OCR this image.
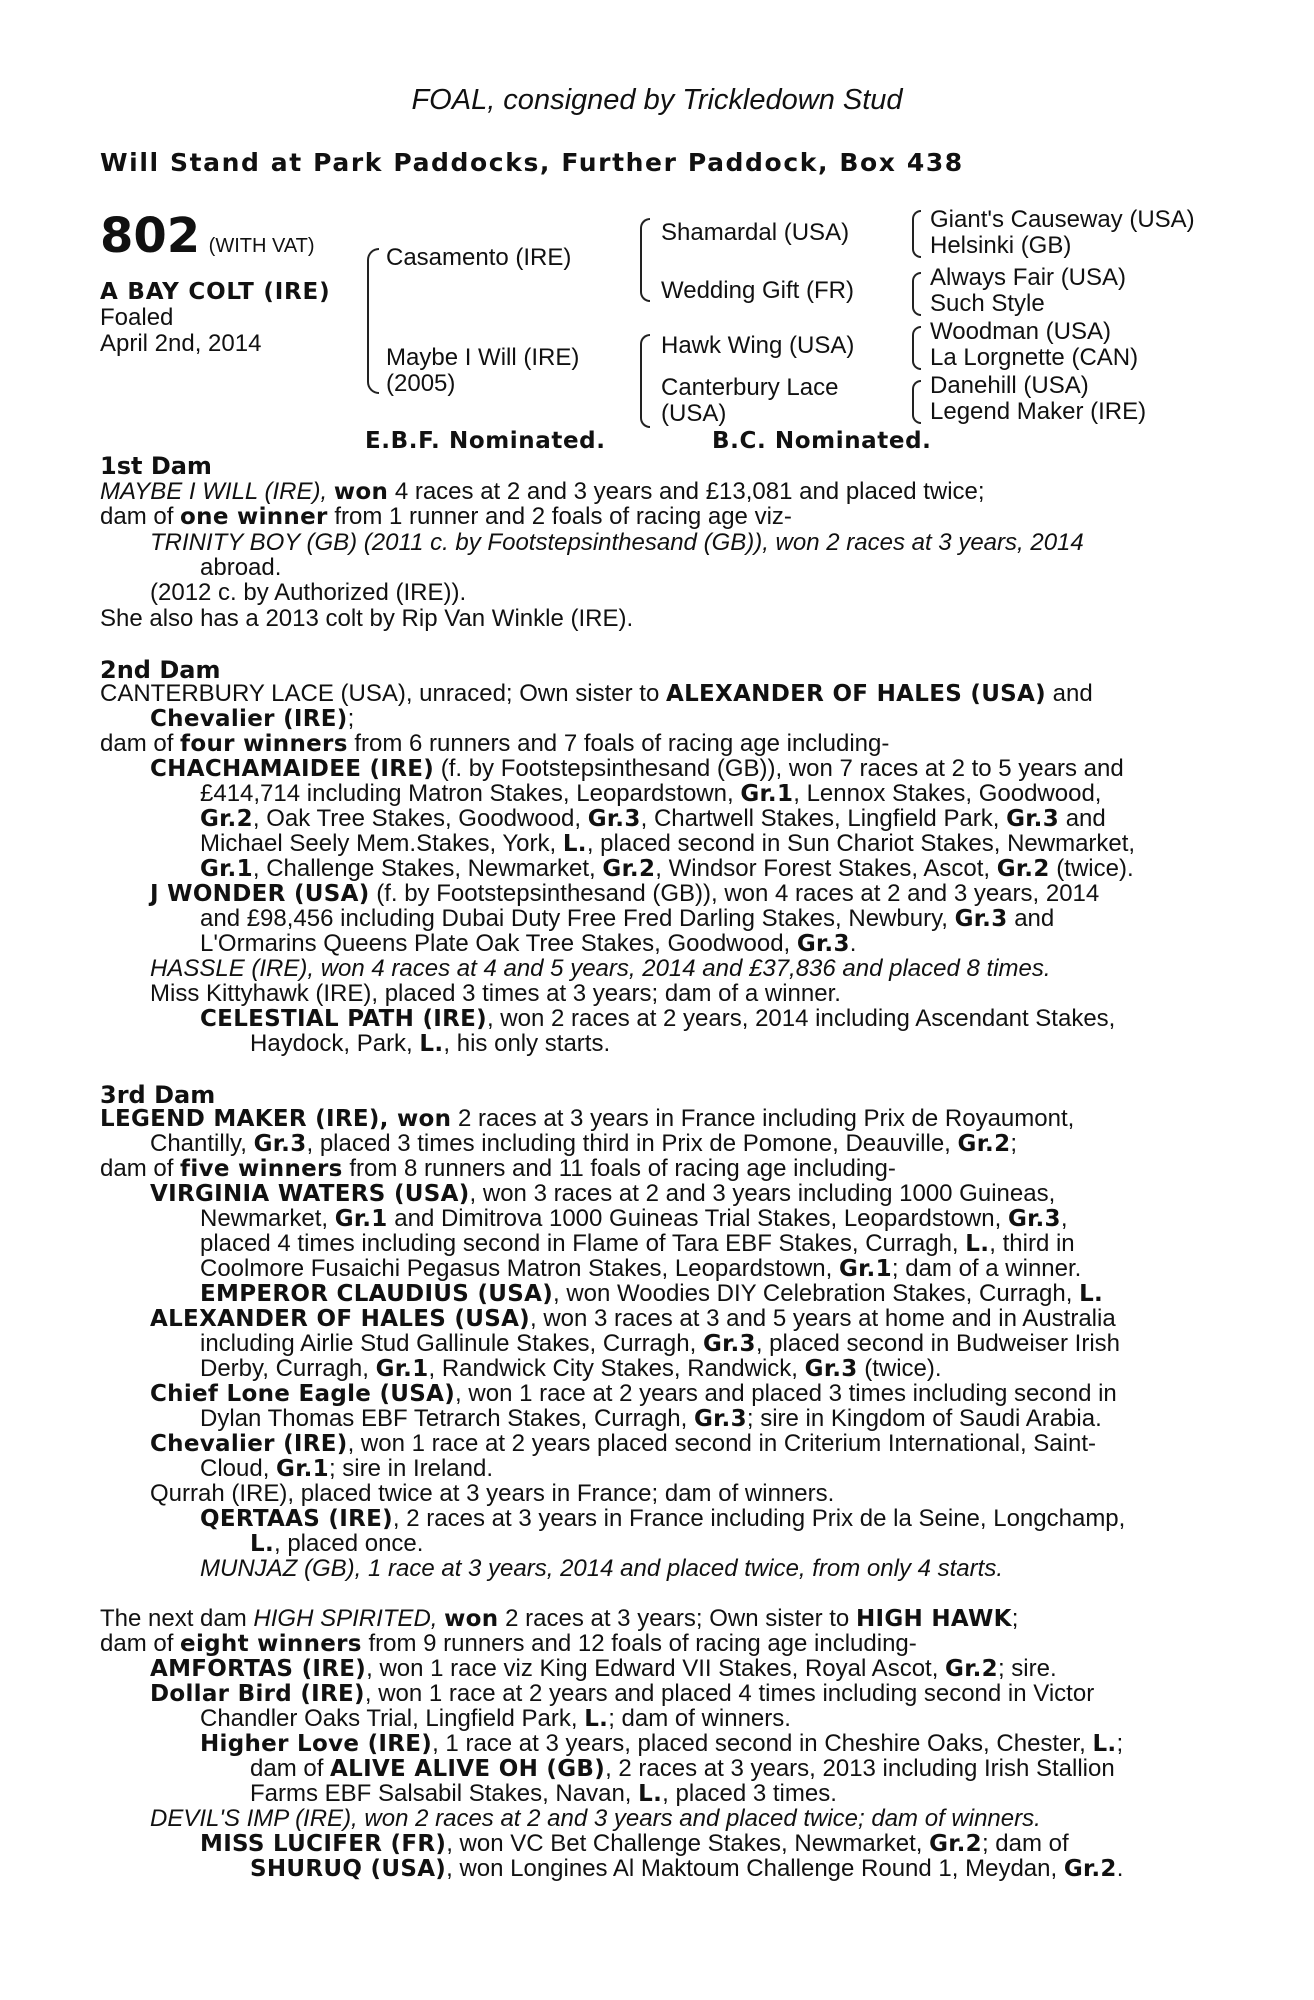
FOAL, consigned by Trickledown Stud
Will Stand at Park Paddocks, Further Paddock, Box 438
802 (WITH VAT)
A BAY COLT (IRE)
Foaled
April 2nd, 2014
Casamento (IRE)
Maybe I Will (IRE)
(2005)
Shamardal (USA)
Wedding Gift (FR)
Hawk Wing (USA)
Canterbury Lace
(USA)
Giant's Causeway (USA)
Helsinki (GB)
Always Fair (USA)
Such Style
Woodman (USA)
La Lorgnette (CAN)
Danehill (USA)
Legend Maker (IRE)
E.B.F. Nominated.	B.C. Nominated.
1st Dam
MAYBE I WILL (IRE), won 4 races at 2 and 3 years and £13,081 and placed twice;
dam of one winner from 1 runner and 2 foals of racing age viz-
TRINITY BOY (GB) (2011 c. by Footstepsinthesand (GB)), won 2 races at 3 years, 2014
abroad.
(2012 c. by Authorized (IRE)).
She also has a 2013 colt by Rip Van Winkle (IRE).
2nd Dam
CANTERBURY LACE (USA), unraced; Own sister to ALEXANDER OF HALES (USA) and
Chevalier (IRE);
dam of four winners from 6 runners and 7 foals of racing age including-
CHACHAMAIDEE (IRE) (f. by Footstepsinthesand (GB)), won 7 races at 2 to 5 years and
£414,714 including Matron Stakes, Leopardstown, Gr.1, Lennox Stakes, Goodwood,
Gr.2, Oak Tree Stakes, Goodwood, Gr.3, Chartwell Stakes, Lingfield Park, Gr.3 and
Michael Seely Mem.Stakes, York, L., placed second in Sun Chariot Stakes, Newmarket,
Gr.1, Challenge Stakes, Newmarket, Gr.2, Windsor Forest Stakes, Ascot, Gr.2 (twice).
J WONDER (USA) (f. by Footstepsinthesand (GB)), won 4 races at 2 and 3 years, 2014
and £98,456 including Dubai Duty Free Fred Darling Stakes, Newbury, Gr.3 and
L'Ormarins Queens Plate Oak Tree Stakes, Goodwood, Gr.3.
HASSLE (IRE), won 4 races at 4 and 5 years, 2014 and £37,836 and placed 8 times.
Miss Kittyhawk (IRE), placed 3 times at 3 years; dam of a winner.
CELESTIAL PATH (IRE), won 2 races at 2 years, 2014 including Ascendant Stakes,
Haydock, Park, L., his only starts.
3rd Dam
LEGEND MAKER (IRE), won 2 races at 3 years in France including Prix de Royaumont,
Chantilly, Gr.3, placed 3 times including third in Prix de Pomone, Deauville, Gr.2;
dam of five winners from 8 runners and 11 foals of racing age including-
VIRGINIA WATERS (USA), won 3 races at 2 and 3 years including 1000 Guineas,
Newmarket, Gr.1 and Dimitrova 1000 Guineas Trial Stakes, Leopardstown, Gr.3,
placed 4 times including second in Flame of Tara EBF Stakes, Curragh, L., third in
Coolmore Fusaichi Pegasus Matron Stakes, Leopardstown, Gr.1; dam of a winner.
EMPEROR CLAUDIUS (USA), won Woodies DIY Celebration Stakes, Curragh, L.
ALEXANDER OF HALES (USA), won 3 races at 3 and 5 years at home and in Australia
including Airlie Stud Gallinule Stakes, Curragh, Gr.3, placed second in Budweiser Irish
Derby, Curragh, Gr.1, Randwick City Stakes, Randwick, Gr.3 (twice).
Chief Lone Eagle (USA), won 1 race at 2 years and placed 3 times including second in
Dylan Thomas EBF Tetrarch Stakes, Curragh, Gr.3; sire in Kingdom of Saudi Arabia.
Chevalier (IRE), won 1 race at 2 years placed second in Criterium International, Saint-
Cloud, Gr.1; sire in Ireland.
Qurrah (IRE), placed twice at 3 years in France; dam of winners.
QERTAAS (IRE), 2 races at 3 years in France including Prix de la Seine, Longchamp,
L., placed once.
MUNJAZ (GB), 1 race at 3 years, 2014 and placed twice, from only 4 starts.
The next dam HIGH SPIRITED, won 2 races at 3 years; Own sister to HIGH HAWK;
dam of eight winners from 9 runners and 12 foals of racing age including-
AMFORTAS (IRE), won 1 race viz King Edward VII Stakes, Royal Ascot, Gr.2; sire.
Dollar Bird (IRE), won 1 race at 2 years and placed 4 times including second in Victor
Chandler Oaks Trial, Lingfield Park, L.; dam of winners.
Higher Love (IRE), 1 race at 3 years, placed second in Cheshire Oaks, Chester, L.;
dam of ALIVE ALIVE OH (GB), 2 races at 3 years, 2013 including Irish Stallion
Farms EBF Salsabil Stakes, Navan, L., placed 3 times.
DEVIL'S IMP (IRE), won 2 races at 2 and 3 years and placed twice; dam of winners.
MISS LUCIFER (FR), won VC Bet Challenge Stakes, Newmarket, Gr.2; dam of
SHURUQ (USA), won Longines Al Maktoum Challenge Round 1, Meydan, Gr.2.
